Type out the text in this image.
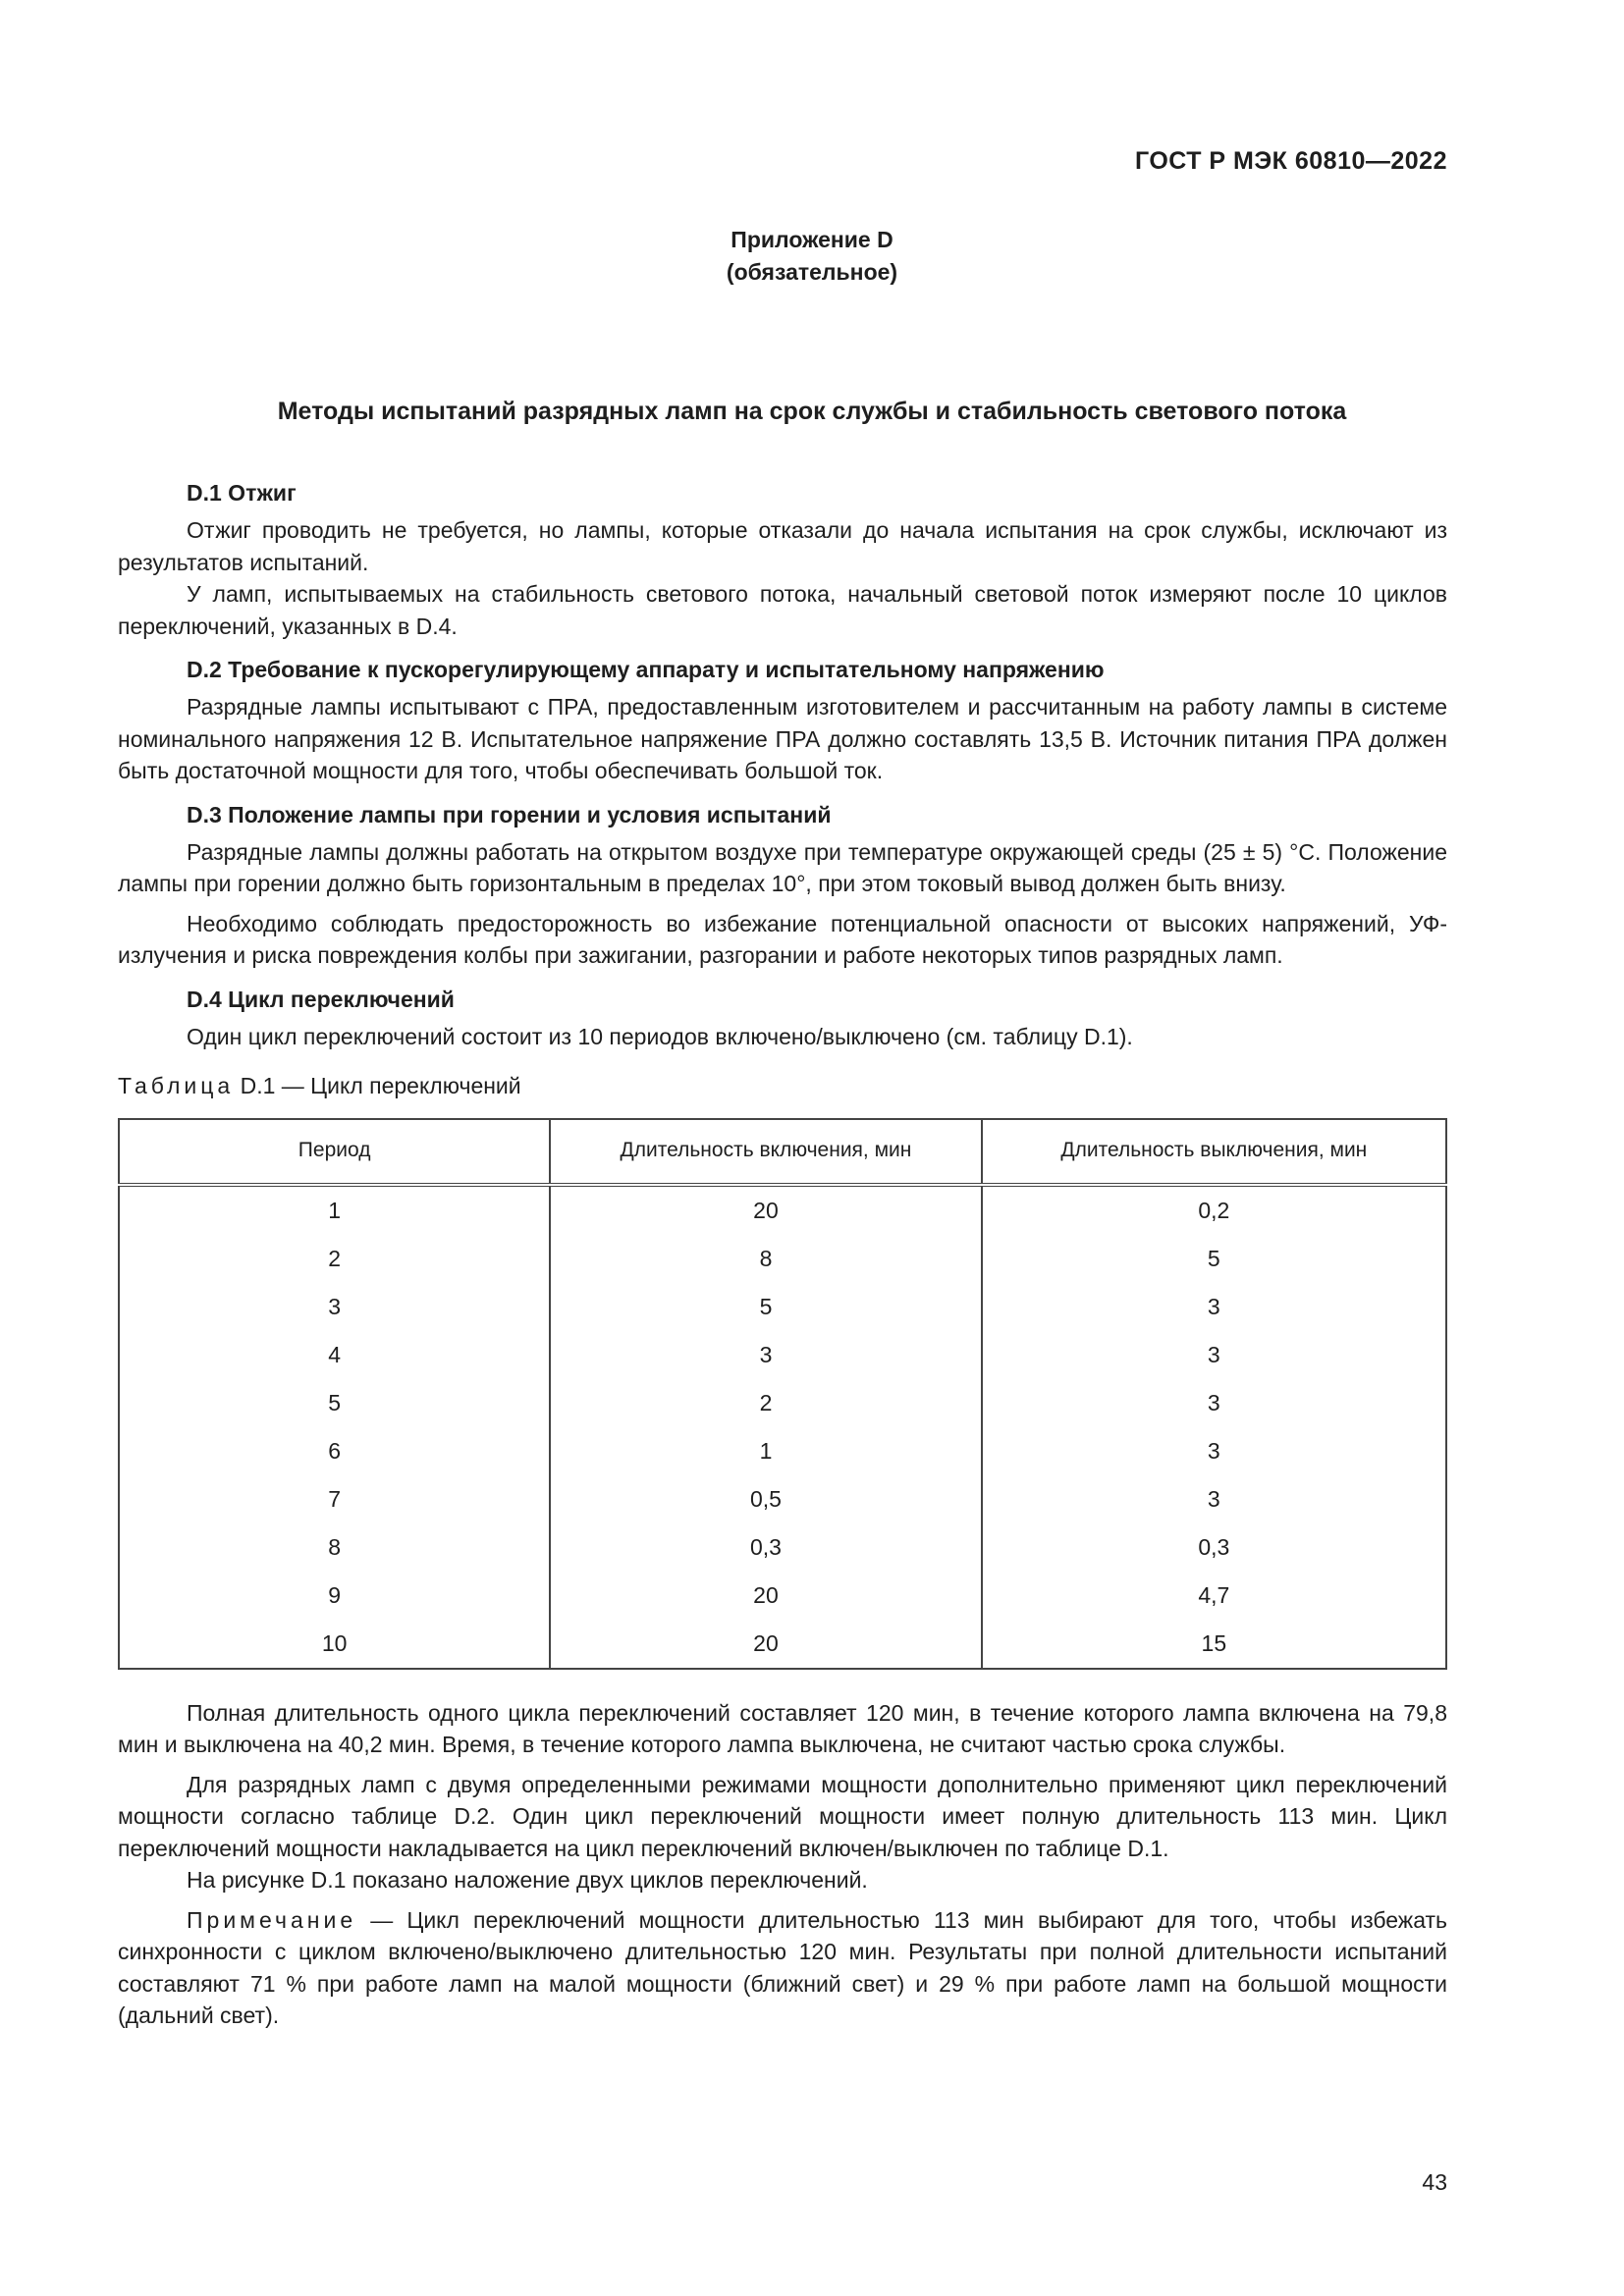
ГОСТ Р МЭК 60810—2022
Приложение D
(обязательное)
Методы испытаний разрядных ламп на срок службы и стабильность светового потока
D.1 Отжиг

Отжиг проводить не требуется, но лампы, которые отказали до начала испытания на срок службы, исключают из результатов испытаний.

У ламп, испытываемых на стабильность светового потока, начальный световой поток измеряют после 10 циклов переключений, указанных в D.4.

D.2 Требование к пускорегулирующему аппарату и испытательному напряжению

Разрядные лампы испытывают с ПРА, предоставленным изготовителем и рассчитанным на работу лампы в системе номинального напряжения 12 В. Испытательное напряжение ПРА должно составлять 13,5 В. Источник питания ПРА должен быть достаточной мощности для того, чтобы обеспечивать большой ток.

D.3 Положение лампы при горении и условия испытаний

Разрядные лампы должны работать на открытом воздухе при температуре окружающей среды (25 ± 5) °С. Положение лампы при горении должно быть горизонтальным в пределах 10°, при этом токовый вывод должен быть внизу.

Необходимо соблюдать предосторожность во избежание потенциальной опасности от высоких напряжений, УФ-излучения и риска повреждения колбы при зажигании, разгорании и работе некоторых типов разрядных ламп.

D.4 Цикл переключений

Один цикл переключений состоит из 10 периодов включено/выключено (см. таблицу D.1).

Таблица D.1 — Цикл переключений
Период	Длительность включения, мин	Длительность выключения, мин
1	20	0,2
2	8	5
3	5	3
4	3	3
5	2	3
6	1	3
7	0,5	3
8	0,3	0,3
9	20	4,7
10	20	15

Полная длительность одного цикла переключений составляет 120 мин, в течение которого лампа включена на 79,8 мин и выключена на 40,2 мин. Время, в течение которого лампа выключена, не считают частью срока службы.

Для разрядных ламп с двумя определенными режимами мощности дополнительно применяют цикл переключений мощности согласно таблице D.2. Один цикл переключений мощности имеет полную длительность 113 мин. Цикл переключений мощности накладывается на цикл переключений включен/выключен по таблице D.1.

На рисунке D.1 показано наложение двух циклов переключений.

Примечание — Цикл переключений мощности длительностью 113 мин выбирают для того, чтобы избежать синхронности с циклом включено/выключено длительностью 120 мин. Результаты при полной длительности испытаний составляют 71 % при работе ламп на малой мощности (ближний свет) и 29 % при работе ламп на большой мощности (дальний свет).

43
